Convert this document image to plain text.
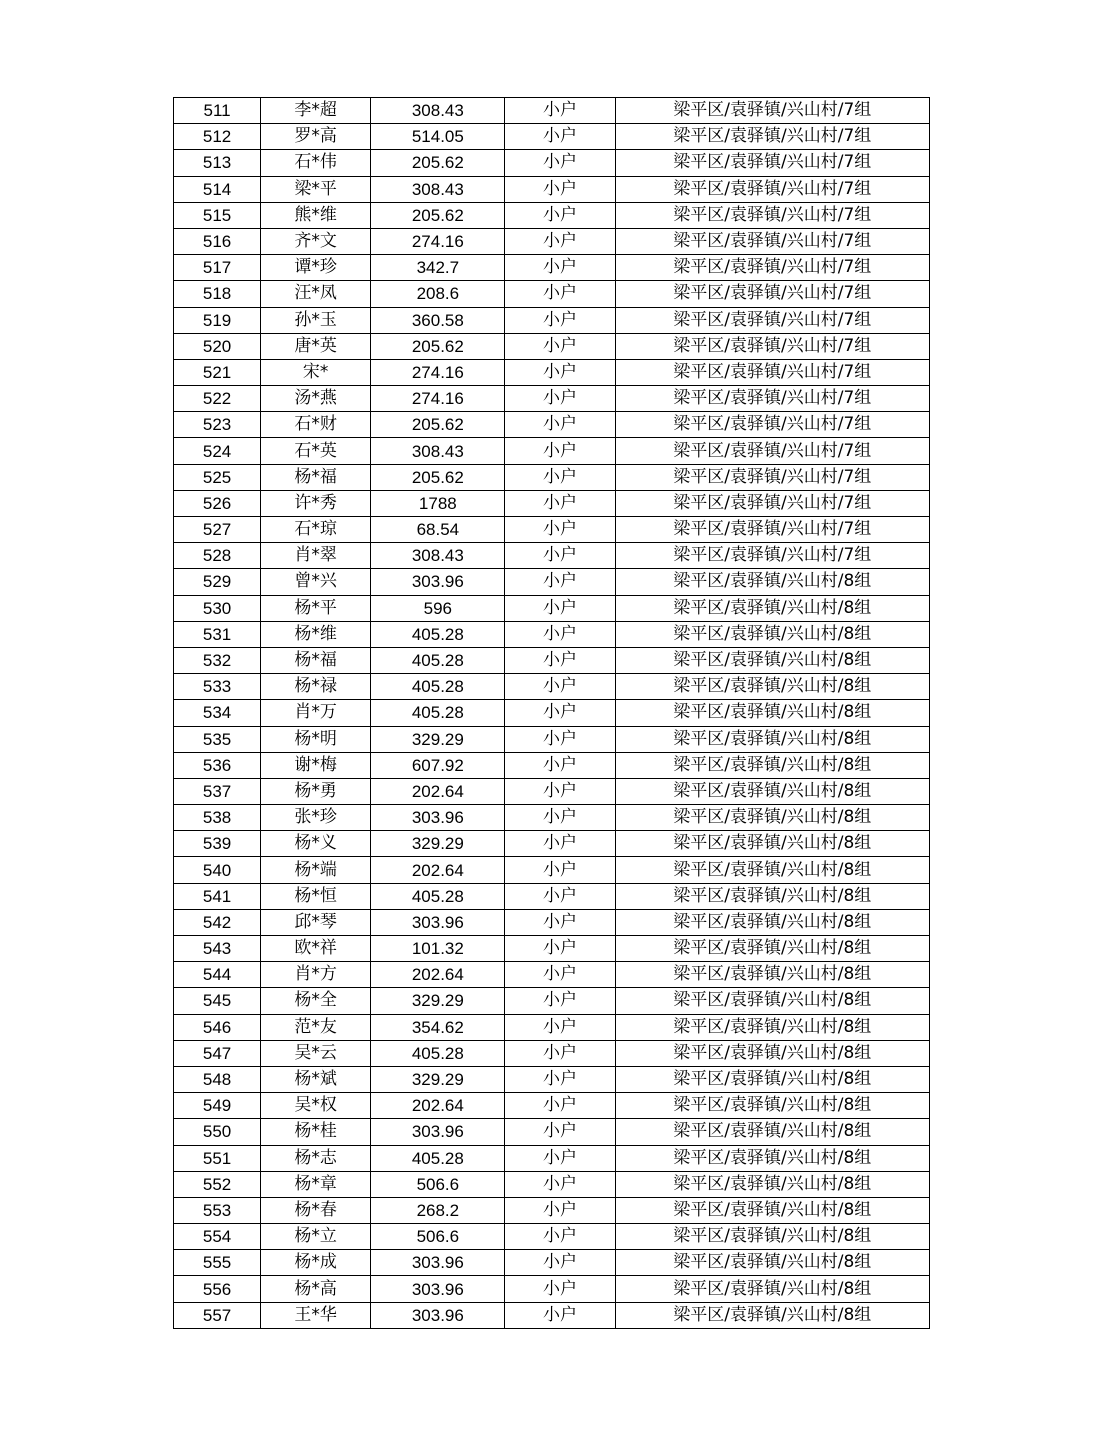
511	李*超	308.43	小户	梁平区/袁驿镇/兴山村/7组
512	罗*高	514.05	小户	梁平区/袁驿镇/兴山村/7组
513	石*伟	205.62	小户	梁平区/袁驿镇/兴山村/7组
514	梁*平	308.43	小户	梁平区/袁驿镇/兴山村/7组
515	熊*维	205.62	小户	梁平区/袁驿镇/兴山村/7组
516	齐*文	274.16	小户	梁平区/袁驿镇/兴山村/7组
517	谭*珍	342.7	小户	梁平区/袁驿镇/兴山村/7组
518	汪*凤	208.6	小户	梁平区/袁驿镇/兴山村/7组
519	孙*玉	360.58	小户	梁平区/袁驿镇/兴山村/7组
520	唐*英	205.62	小户	梁平区/袁驿镇/兴山村/7组
521	宋*	274.16	小户	梁平区/袁驿镇/兴山村/7组
522	汤*燕	274.16	小户	梁平区/袁驿镇/兴山村/7组
523	石*财	205.62	小户	梁平区/袁驿镇/兴山村/7组
524	石*英	308.43	小户	梁平区/袁驿镇/兴山村/7组
525	杨*福	205.62	小户	梁平区/袁驿镇/兴山村/7组
526	许*秀	1788	小户	梁平区/袁驿镇/兴山村/7组
527	石*琼	68.54	小户	梁平区/袁驿镇/兴山村/7组
528	肖*翠	308.43	小户	梁平区/袁驿镇/兴山村/7组
529	曾*兴	303.96	小户	梁平区/袁驿镇/兴山村/8组
530	杨*平	596	小户	梁平区/袁驿镇/兴山村/8组
531	杨*维	405.28	小户	梁平区/袁驿镇/兴山村/8组
532	杨*福	405.28	小户	梁平区/袁驿镇/兴山村/8组
533	杨*禄	405.28	小户	梁平区/袁驿镇/兴山村/8组
534	肖*万	405.28	小户	梁平区/袁驿镇/兴山村/8组
535	杨*明	329.29	小户	梁平区/袁驿镇/兴山村/8组
536	谢*梅	607.92	小户	梁平区/袁驿镇/兴山村/8组
537	杨*勇	202.64	小户	梁平区/袁驿镇/兴山村/8组
538	张*珍	303.96	小户	梁平区/袁驿镇/兴山村/8组
539	杨*义	329.29	小户	梁平区/袁驿镇/兴山村/8组
540	杨*端	202.64	小户	梁平区/袁驿镇/兴山村/8组
541	杨*恒	405.28	小户	梁平区/袁驿镇/兴山村/8组
542	邱*琴	303.96	小户	梁平区/袁驿镇/兴山村/8组
543	欧*祥	101.32	小户	梁平区/袁驿镇/兴山村/8组
544	肖*方	202.64	小户	梁平区/袁驿镇/兴山村/8组
545	杨*全	329.29	小户	梁平区/袁驿镇/兴山村/8组
546	范*友	354.62	小户	梁平区/袁驿镇/兴山村/8组
547	吴*云	405.28	小户	梁平区/袁驿镇/兴山村/8组
548	杨*斌	329.29	小户	梁平区/袁驿镇/兴山村/8组
549	吴*权	202.64	小户	梁平区/袁驿镇/兴山村/8组
550	杨*桂	303.96	小户	梁平区/袁驿镇/兴山村/8组
551	杨*志	405.28	小户	梁平区/袁驿镇/兴山村/8组
552	杨*章	506.6	小户	梁平区/袁驿镇/兴山村/8组
553	杨*春	268.2	小户	梁平区/袁驿镇/兴山村/8组
554	杨*立	506.6	小户	梁平区/袁驿镇/兴山村/8组
555	杨*成	303.96	小户	梁平区/袁驿镇/兴山村/8组
556	杨*高	303.96	小户	梁平区/袁驿镇/兴山村/8组
557	王*华	303.96	小户	梁平区/袁驿镇/兴山村/8组
